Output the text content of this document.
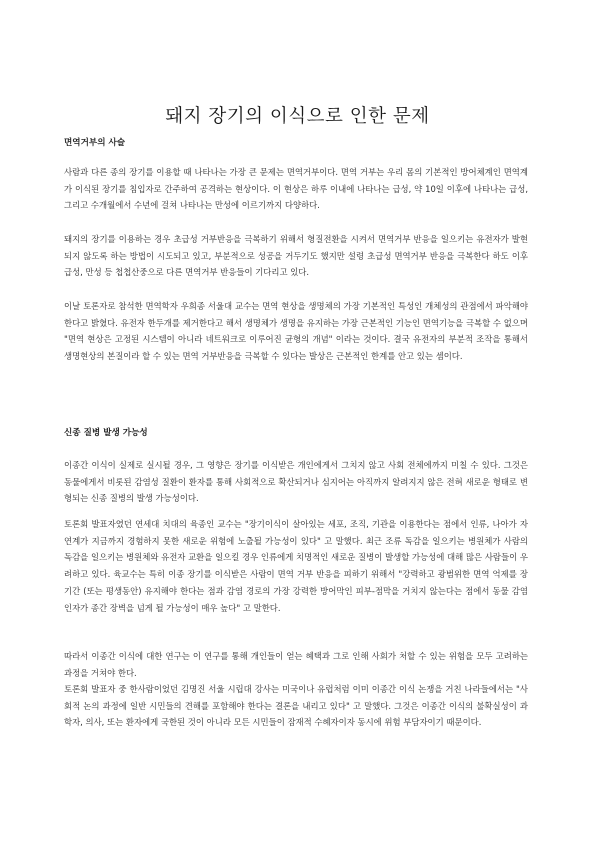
돼지 장기의 이식으로 인한 문제
면역거부의 사슬

사람과 다른 종의 장기를 이용할 때 나타나는 가장 큰 문제는 면역거부이다. 면역 거부는 우리 몸의 기본적인 방어체계인 면역계가 이식된 장기를 침입자로 간주하여 공격하는 현상이다. 이 현상은 하루 이내에 나타나는 급성, 약 10일 이후에 나타나는 급성, 그리고 수개월에서 수년에 걸쳐 나타나는 만성에 이르기까지 다양하다.

돼지의 장기를 이용하는 경우 초급성 거부반응을 극복하기 위해서 형질전환을 시켜서 면역거부 반응을 일으키는 유전자가 발현되지 않도록 하는 방법이 시도되고 있고, 부분적으로 성공을 거두기도 했지만 설령 초급성 면역거부 반응을 극복한다 하도 이후 급성, 만성 등 첩첩산중으로 다른 면역거부 반응들이 기다리고 있다.

이날 토론자로 참석한 면역학자 우희종 서울대 교수는 면역 현상을 생명체의 가장 기본적인 특성인 개체성의 관점에서 파악해야 한다고 밝혔다. 유전자 한두개를 제거한다고 해서 생명체가 생명을 유지하는 가장 근본적인 기능인 면역기능을 극복할 수 없으며 "면역 현상은 고정된 시스템이 아니라 네트워크로 이루어진 균형의 개념" 이라는 것이다. 결국 유전자의 부분적 조작을 통해서 생명현상의 본질이라 할 수 있는 면역 거부반응을 극복할 수 있다는 발상은 근본적인 한계를 안고 있는 셈이다.

신종 질병 발생 가능성

이종간 이식이 실제로 실시될 경우, 그 영향은 장기를 이식받은 개인에게서 그치지 않고 사회 전체에까지 미칠 수 있다. 그것은 동물에게서 비롯된 감염성 질환이 환자를 통해 사회적으로 확산되거나 심지어는 아직까지 알려지지 않은 전혀 새로운 형태로 변형되는 신종 질병의 발생 가능성이다.

토론회 발표자였던 연세대 치대의 육종인 교수는 "장기이식이 살아있는 세포, 조직, 기관을 이용한다는 점에서 인류, 나아가 자연계가 지금까지 경험하지 못한 새로운 위험에 노출될 가능성이 있다" 고 말했다. 최근 조류 독감을 일으키는 병원체가 사람의 독감을 일으키는 병원체와 유전자 교환을 일으킬 경우 인류에게 치명적인 새로운 질병이 발생할 가능성에 대해 많은 사람들이 우려하고 있다. 육교수는 특히 이종 장기를 이식받은 사람이 면역 거부 반응을 피하기 위해서 "강력하고 광범위한 면역 억제를 장기간 (또는 평생동안) 유지해야 한다는 점과 감염 경로의 가장 강력한 방어막인 피부-점막을 거치지 않는다는 점에서 동물 감염 인자가 종간 장벽을 넘게 될 가능성이 매우 높다" 고 말한다.

따라서 이종간 이식에 대한 연구는 이 연구를 통해 개인들이 얻는 혜택과 그로 인해 사회가 처할 수 있는 위험을 모두 고려하는 과정을 거쳐야 한다.

토론회 발표자 중 한사람이었던 김명진 서울 시립대 강사는 미국이나 유럽처럼 이미 이종간 이식 논쟁을 거친 나라들에서는 "사회적 논의 과정에 일반 시민들의 견해를 포함해야 한다는 결론을 내리고 있다" 고 말했다. 그것은 이종간 이식의 불확실성이 과학자, 의사, 또는 환자에게 국한된 것이 아니라 모든 시민들이 잠재적 수혜자이자 동시에 위험 부담자이기 때문이다.
